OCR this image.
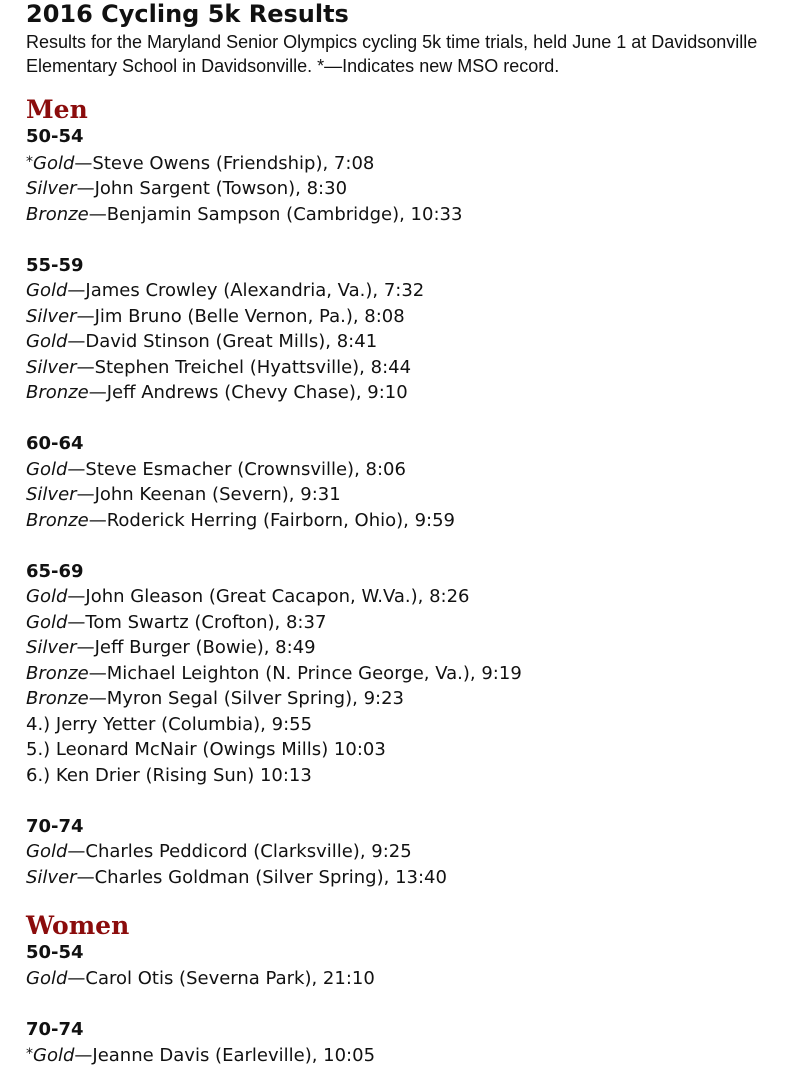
2016 Cycling 5k Results

Results for the Maryland Senior Olympics cycling 5k time trials, held June 1 at Davidsonville Elementary School in Davidsonville. *—Indicates new MSO record.

Men
50-54
*Gold—Steve Owens (Friendship), 7:08
Silver—John Sargent (Towson), 8:30
Bronze—Benjamin Sampson (Cambridge), 10:33
55-59
Gold—James Crowley (Alexandria, Va.), 7:32
Silver—Jim Bruno (Belle Vernon, Pa.), 8:08
Gold—David Stinson (Great Mills), 8:41
Silver—Stephen Treichel (Hyattsville), 8:44
Bronze—Jeff Andrews (Chevy Chase), 9:10
60-64
Gold—Steve Esmacher (Crownsville), 8:06
Silver—John Keenan (Severn), 9:31
Bronze—Roderick Herring (Fairborn, Ohio), 9:59
65-69
Gold—John Gleason (Great Cacapon, W.Va.), 8:26
Gold—Tom Swartz (Crofton), 8:37
Silver—Jeff Burger (Bowie), 8:49
Bronze—Michael Leighton (N. Prince George, Va.), 9:19
Bronze—Myron Segal (Silver Spring), 9:23
4.) Jerry Yetter (Columbia), 9:55
5.) Leonard McNair (Owings Mills) 10:03
6.) Ken Drier (Rising Sun) 10:13
70-74
Gold—Charles Peddicord (Clarksville), 9:25
Silver—Charles Goldman (Silver Spring), 13:40
Women
50-54
Gold—Carol Otis (Severna Park), 21:10
70-74
*Gold—Jeanne Davis (Earleville), 10:05
